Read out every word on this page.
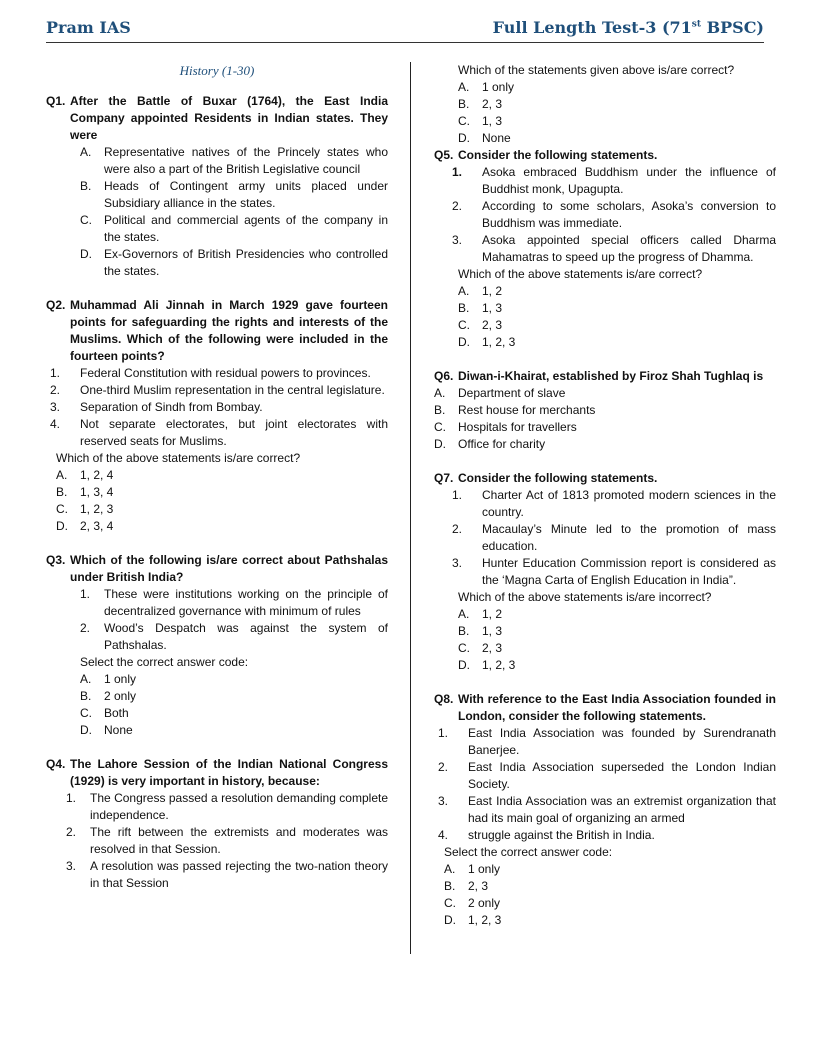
Pram IAS	Full Length Test-3 (71st BPSC)
History (1-30)
Q1. After the Battle of Buxar (1764), the East India Company appointed Residents in Indian states. They were
A.	Representative natives of the Princely states who were also a part of the British Legislative council
B.	Heads of Contingent army units placed under Subsidiary alliance in the states.
C.	Political and commercial agents of the company in the states.
D.	Ex-Governors of British Presidencies who controlled the states.
Q2. Muhammad Ali Jinnah in March 1929 gave fourteen points for safeguarding the rights and interests of the Muslims. Which of the following were included in the fourteen points?
1.	Federal Constitution with residual powers to provinces.
2.	One-third Muslim representation in the central legislature.
3.	Separation of Sindh from Bombay.
4.	Not separate electorates, but joint electorates with reserved seats for Muslims.
Which of the above statements is/are correct?
A.	1, 2, 4
B.	1, 3, 4
C.	1, 2, 3
D.	2, 3, 4
Q3. Which of the following is/are correct about Pathshalas under British India?
1.	These were institutions working on the principle of decentralized governance with minimum of rules
2.	Wood’s Despatch was against the system of Pathshalas.
Select the correct answer code:
A.	1 only
B.	2 only
C.	Both
D.	None
Q4. The Lahore Session of the Indian National Congress (1929) is very important in history, because:
1.	The Congress passed a resolution demanding complete independence.
2.	The rift between the extremists and moderates was resolved in that Session.
3.	A resolution was passed rejecting the two-nation theory in that Session
Which of the statements given above is/are correct?
A.	1 only
B.	2, 3
C.	1, 3
D.	None
Q5. Consider the following statements.
1.	Asoka embraced Buddhism under the influence of Buddhist monk, Upagupta.
2.	According to some scholars, Asoka’s conversion to Buddhism was immediate.
3.	Asoka appointed special officers called Dharma Mahamatras to speed up the progress of Dhamma.
Which of the above statements is/are correct?
A.	1, 2
B.	1, 3
C.	2, 3
D.	1, 2, 3
Q6. Diwan-i-Khairat, established by Firoz Shah Tughlaq is
A.	Department of slave
B.	Rest house for merchants
C.	Hospitals for travellers
D.	Office for charity
Q7. Consider the following statements.
1.	Charter Act of 1813 promoted modern sciences in the country.
2.	Macaulay’s Minute led to the promotion of mass education.
3.	Hunter Education Commission report is considered as the ‘Magna Carta of English Education in India”.
Which of the above statements is/are incorrect?
A.	1, 2
B.	1, 3
C.	2, 3
D.	1, 2, 3
Q8. With reference to the East India Association founded in London, consider the following statements.
1.	East India Association was founded by Surendranath Banerjee.
2.	East India Association superseded the London Indian Society.
3.	East India Association was an extremist organization that had its main goal of organizing an armed
4.	struggle against the British in India.
Select the correct answer code:
A.	1 only
B.	2, 3
C.	2 only
D.	1, 2, 3
